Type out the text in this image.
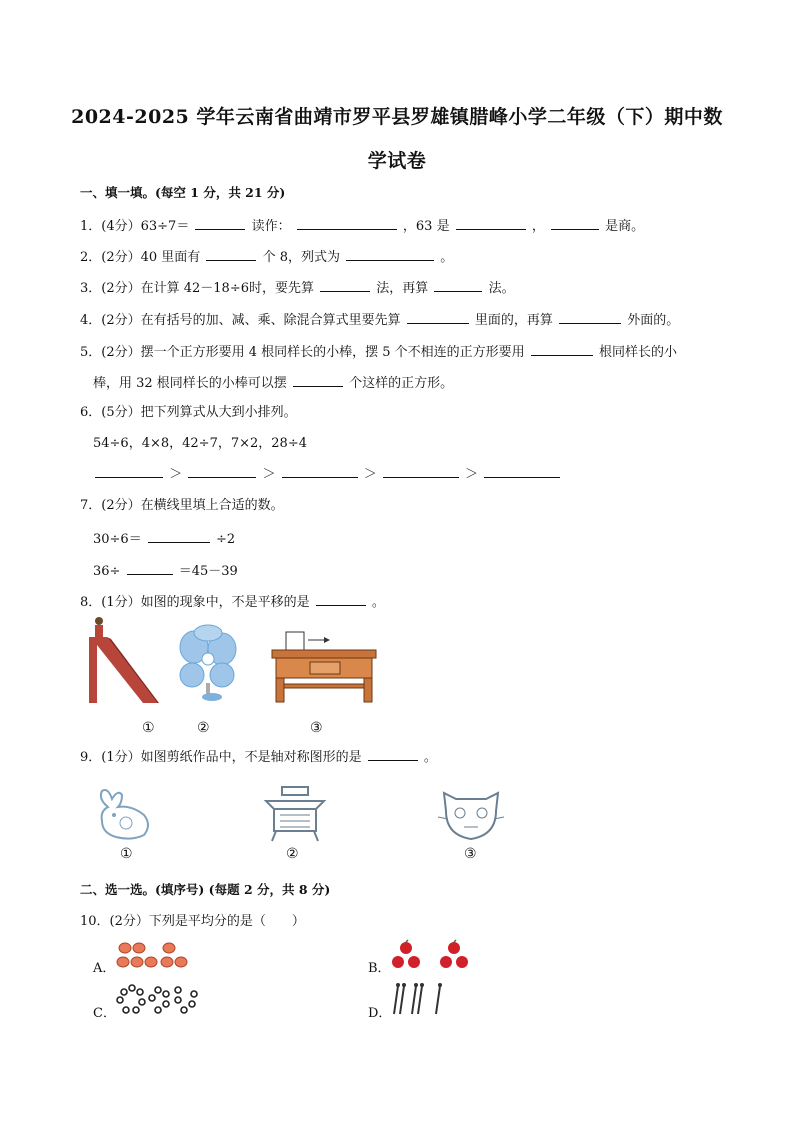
2024-2025 学年云南省曲靖市罗平县罗雄镇腊峰小学二年级（下）期中数
学试卷
一、填一填。(每空 1 分，共 21 分)
1．(4分）63÷7＝	读作：	，63 是	，	是商。
2．(2分）40 里面有	个 8，列式为	。
3．(2分）在计算 42－18÷6时，要先算	法，再算	法。
4．(2分）在有括号的加、减、乘、除混合算式里要先算	里面的，再算	外面的。
5．(2分）摆一个正方形要用 4 根同样长的小棒，摆 5 个不相连的正方形要用	根同样长的小
棒，用 32 根同样长的小棒可以摆	个这样的正方形。
6．(5分）把下列算式从大到小排列。
54÷6，4×8，42÷7，7×2，28÷4
＞	＞	＞	＞
7．(2分）在横线里填上合适的数。
30÷6＝	÷2
36÷	＝45－39
8．(1分）如图的现象中，不是平移的是	。
①	②	③
9．(1分）如图剪纸作品中，不是轴对称图形的是	。
①	②	③
二、选一选。(填序号) (每题 2 分，共 8 分)
10．(2分）下列是平均分的是（　　）
A．	B．
C．	D．
